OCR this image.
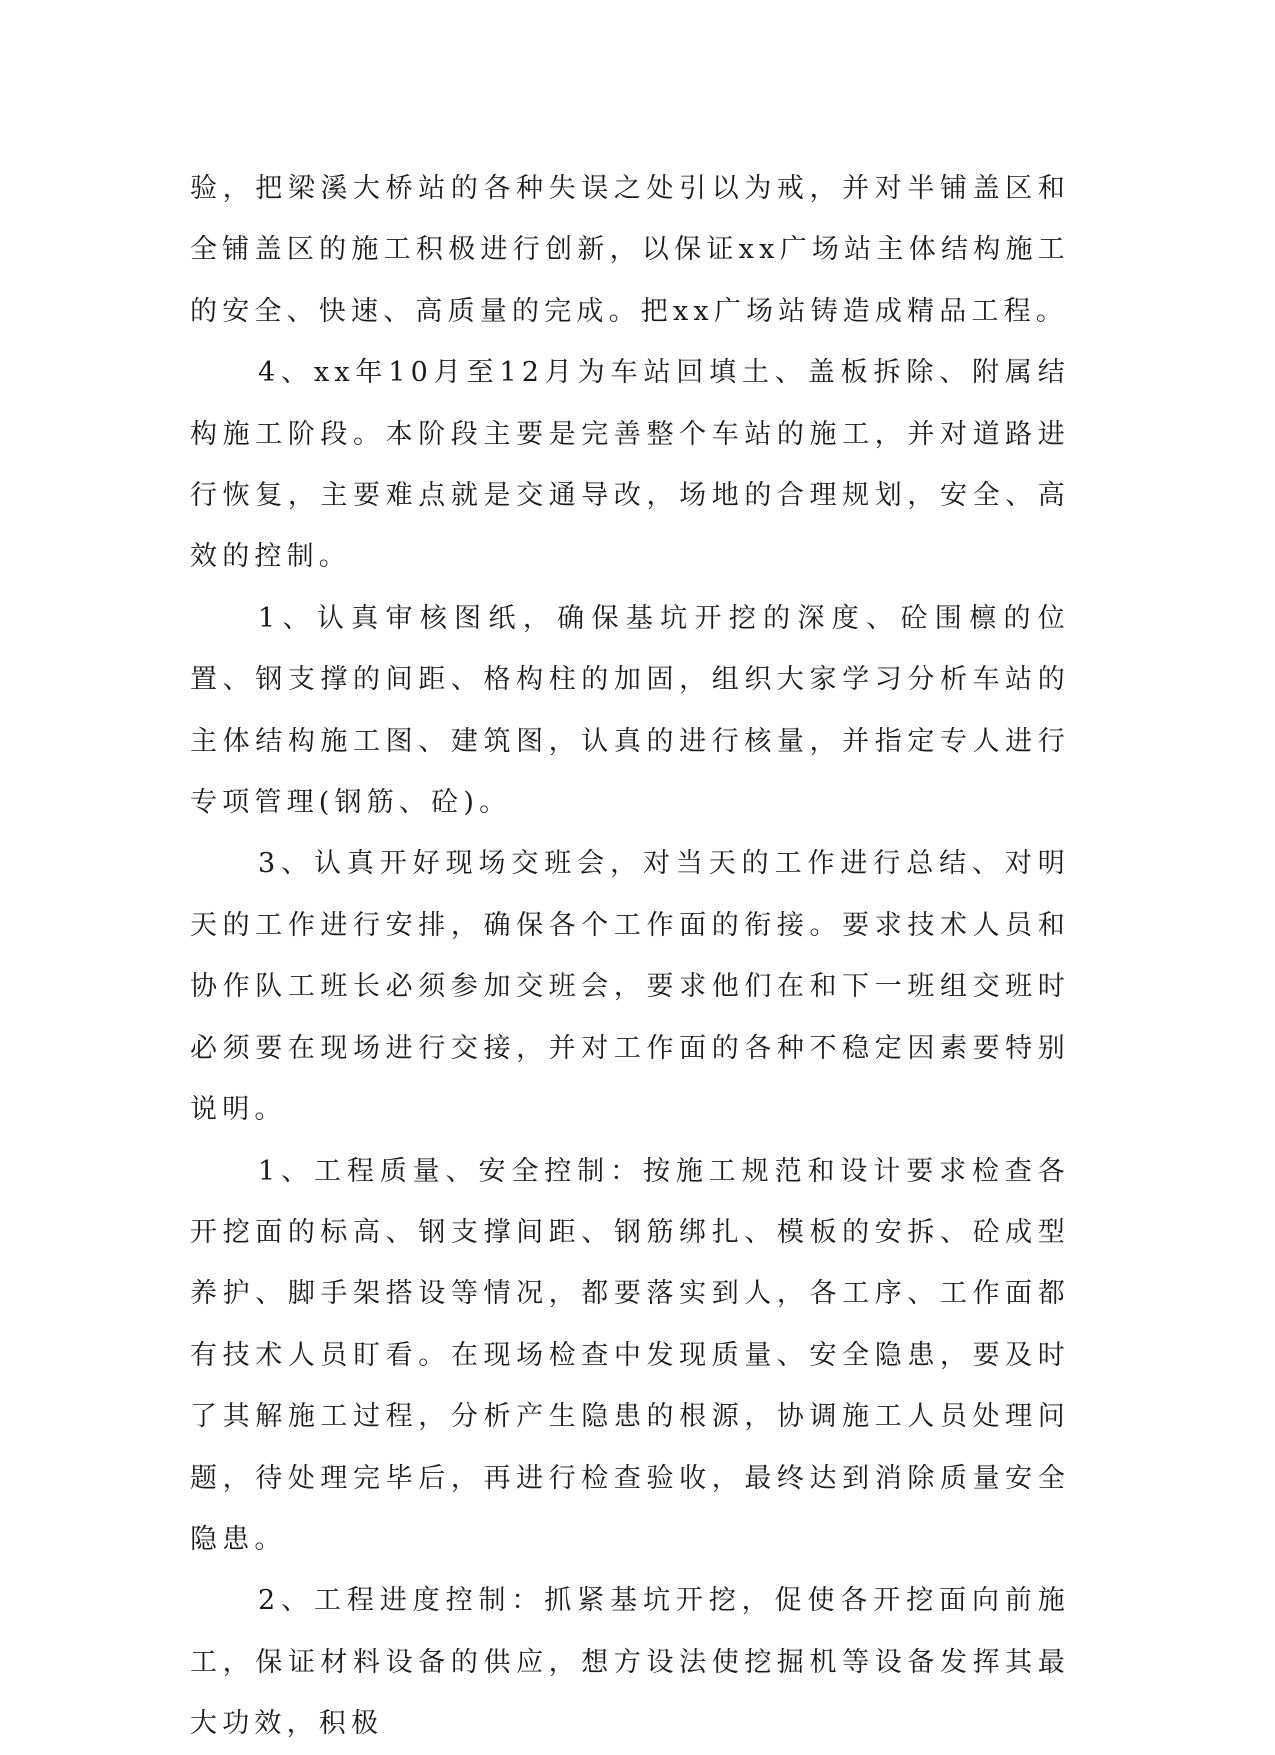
验，把梁溪大桥站的各种失误之处引以为戒，并对半铺盖区和全铺盖区的施工积极进行创新，以保证xx广场站主体结构施工的安全、快速、高质量的完成。把xx广场站铸造成精品工程。

4、xx年10月至12月为车站回填土、盖板拆除、附属结构施工阶段。本阶段主要是完善整个车站的施工，并对道路进行恢复，主要难点就是交通导改，场地的合理规划，安全、高效的控制。

1、认真审核图纸，确保基坑开挖的深度、砼围檩的位置、钢支撑的间距、格构柱的加固，组织大家学习分析车站的主体结构施工图、建筑图，认真的进行核量，并指定专人进行专项管理(钢筋、砼)。

3、认真开好现场交班会，对当天的工作进行总结、对明天的工作进行安排，确保各个工作面的衔接。要求技术人员和协作队工班长必须参加交班会，要求他们在和下一班组交班时必须要在现场进行交接，并对工作面的各种不稳定因素要特别说明。

1、工程质量、安全控制：按施工规范和设计要求检查各开挖面的标高、钢支撑间距、钢筋绑扎、模板的安拆、砼成型养护、脚手架搭设等情况，都要落实到人，各工序、工作面都有技术人员盯看。在现场检查中发现质量、安全隐患，要及时了其解施工过程，分析产生隐患的根源，协调施工人员处理问题，待处理完毕后，再进行检查验收，最终达到消除质量安全隐患。

2、工程进度控制：抓紧基坑开挖，促使各开挖面向前施工，保证材料设备的供应，想方设法使挖掘机等设备发挥其最大功效，积极
